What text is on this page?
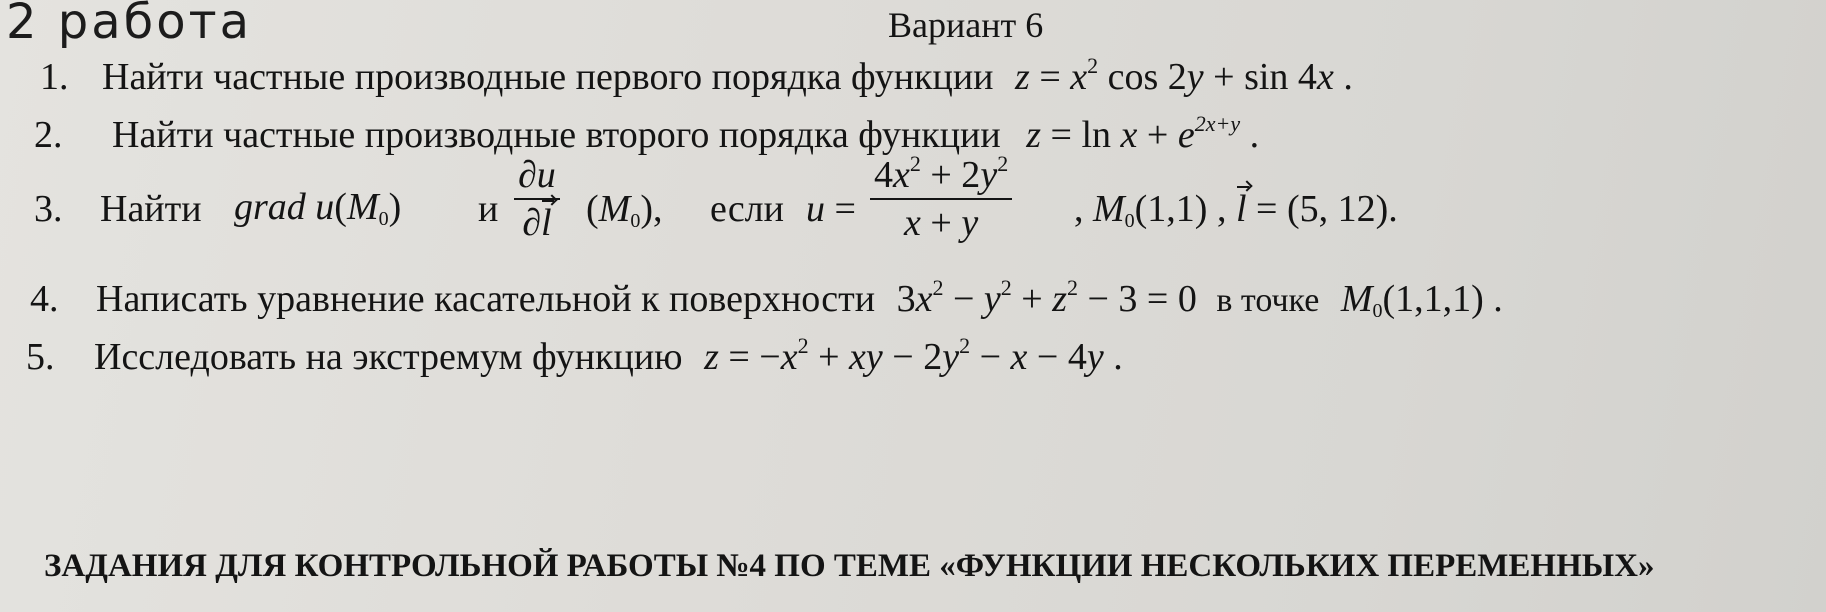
2 работа	Вариант 6
1. Найти частные производные первого порядка функции $z = x^2$ cos 2y + sin 4x .
2. Найти частные производные второго порядка функции $z = \ln x + e^{2x+y}$ .
3. Найти grad $u(M_0)$ и $\frac{\partial u}{\partial l} (M_0)$, если $u = \frac{4x^2 + 2y^2}{x + y}$ , $M_0(1,1)$ , l = (5, 12).
4. Написать уравнение касательной к поверхности $3x^2 - y^2 + z^2 - 3 = 0$ в точке $M_0(1,1,1)$ .
5. Исследовать на экстремум функцию $z = -x^2$ + xy − $2y^2 - x - 4y$ .
ЗАДАНИЯ ДЛЯ КОНТРОЛЬНОЙ РАБОТЫ №4 ПО ТЕМЕ «ФУНКЦИИ НЕСКОЛЬКИХ ПЕРЕМЕННЫХ»
